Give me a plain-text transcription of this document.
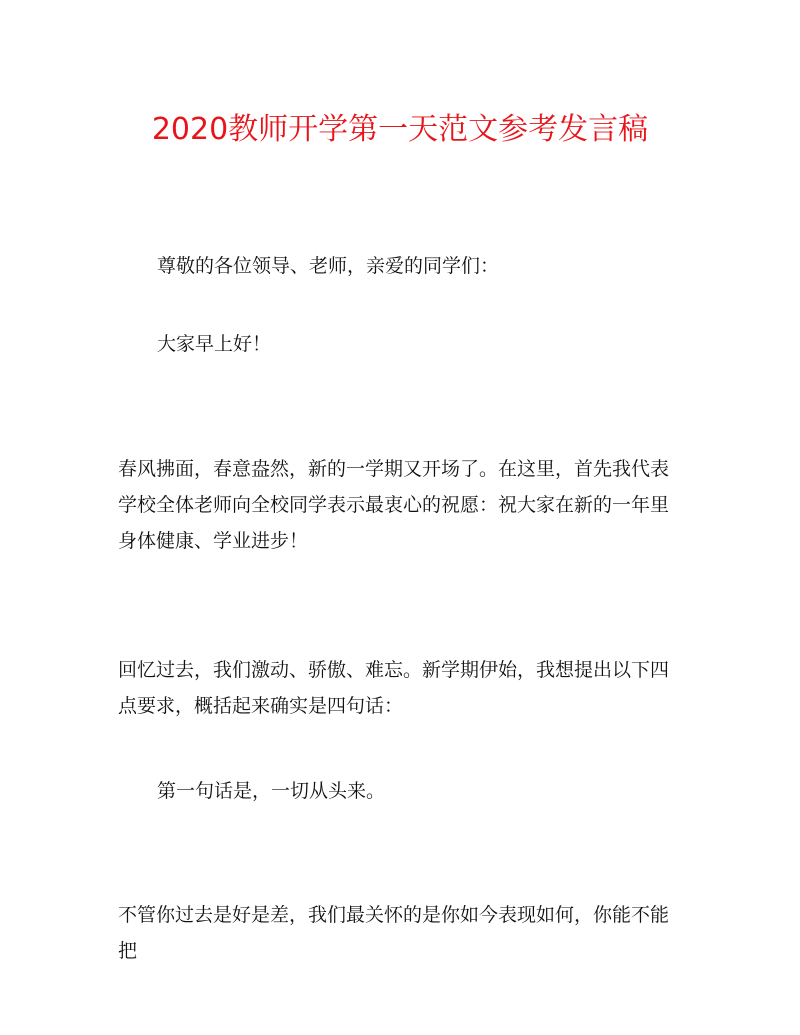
2020教师开学第一天范文参考发言稿

尊敬的各位领导、老师，亲爱的同学们：

大家早上好！

春风拂面，春意盎然，新的一学期又开场了。在这里，首先我代表学校全体老师向全校同学表示最衷心的祝愿：祝大家在新的一年里身体健康、学业进步！

回忆过去，我们激动、骄傲、难忘。新学期伊始，我想提出以下四点要求，概括起来确实是四句话：

第一句话是，一切从头来。

不管你过去是好是差，我们最关怀的是你如今表现如何，你能不能把
